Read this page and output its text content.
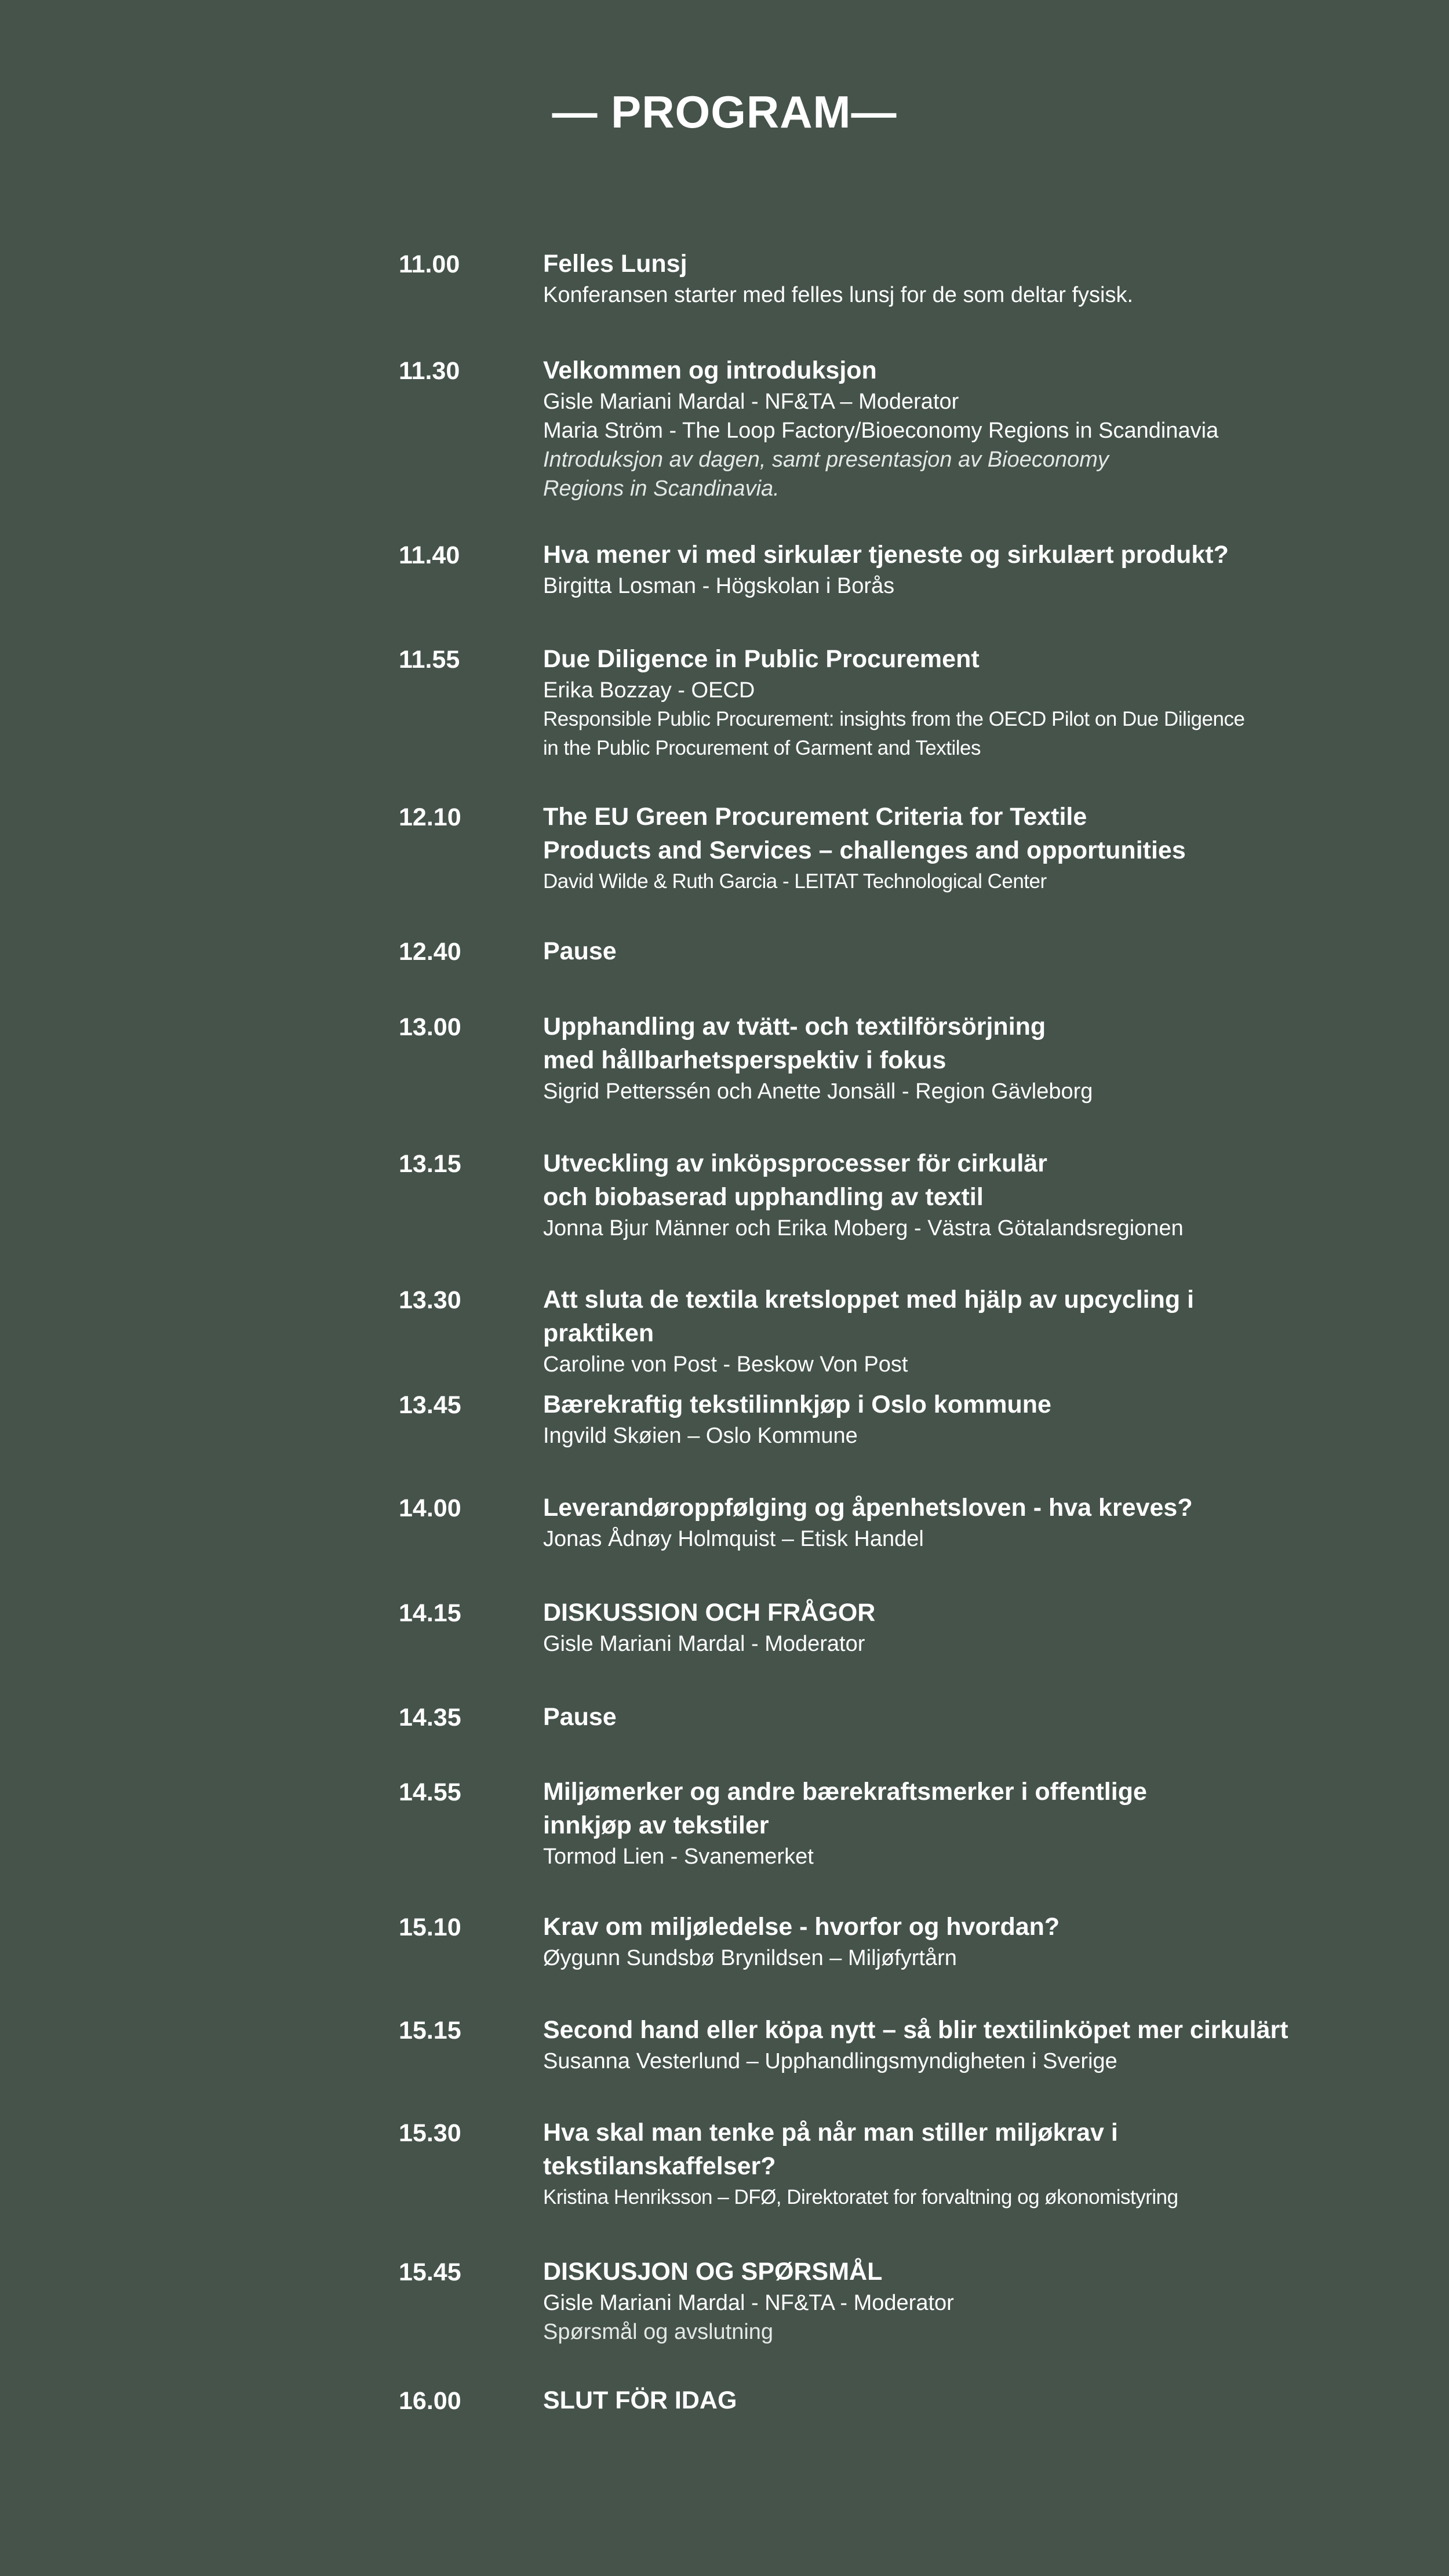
— PROGRAM—
11.00	Felles Lunsj
Konferansen starter med felles lunsj for de som deltar fysisk.
11.30	Velkommen og introduksjon
Gisle Mariani Mardal - NF&TA – Moderator
Maria Ström - The Loop Factory/Bioeconomy Regions in Scandinavia
Introduksjon av dagen, samt presentasjon av Bioeconomy
Regions in Scandinavia.
11.40	Hva mener vi med sirkulær tjeneste og sirkulært produkt?
Birgitta Losman - Högskolan i Borås
11.55	Due Diligence in Public Procurement
Erika Bozzay - OECD
Responsible Public Procurement: insights from the OECD Pilot on Due Diligence
in the Public Procurement of Garment and Textiles
12.10	The EU Green Procurement Criteria for Textile
Products and Services – challenges and opportunities
David Wilde & Ruth Garcia - LEITAT Technological Center
12.40	Pause
13.00	Upphandling av tvätt- och textilförsörjning
med hållbarhetsperspektiv i fokus
Sigrid Petterssén och Anette Jonsäll - Region Gävleborg
13.15	Utveckling av inköpsprocesser för cirkulär
och biobaserad upphandling av textil
Jonna Bjur Männer och Erika Moberg - Västra Götalandsregionen
13.30	Att sluta de textila kretsloppet med hjälp av upcycling i praktiken
Caroline von Post - Beskow Von Post
13.45	Bærekraftig tekstilinnkjøp i Oslo kommune
Ingvild Skøien – Oslo Kommune
14.00	Leverandøroppfølging og åpenhetsloven - hva kreves?
Jonas Ådnøy Holmquist – Etisk Handel
14.15	DISKUSSION OCH FRÅGOR
Gisle Mariani Mardal - Moderator
14.35	Pause
14.55	Miljømerker og andre bærekraftsmerker i offentlige
innkjøp av tekstiler
Tormod Lien - Svanemerket
15.10	Krav om miljøledelse - hvorfor og hvordan?
Øygunn Sundsbø Brynildsen – Miljøfyrtårn
15.15	Second hand eller köpa nytt – så blir textilinköpet mer cirkulärt
Susanna Vesterlund – Upphandlingsmyndigheten i Sverige
15.30	Hva skal man tenke på når man stiller miljøkrav i
tekstilanskaffelser?
Kristina Henriksson – DFØ, Direktoratet for forvaltning og økonomistyring
15.45	DISKUSJON OG SPØRSMÅL
Gisle Mariani Mardal - NF&TA - Moderator
Spørsmål og avslutning
16.00	SLUT FÖR IDAG
